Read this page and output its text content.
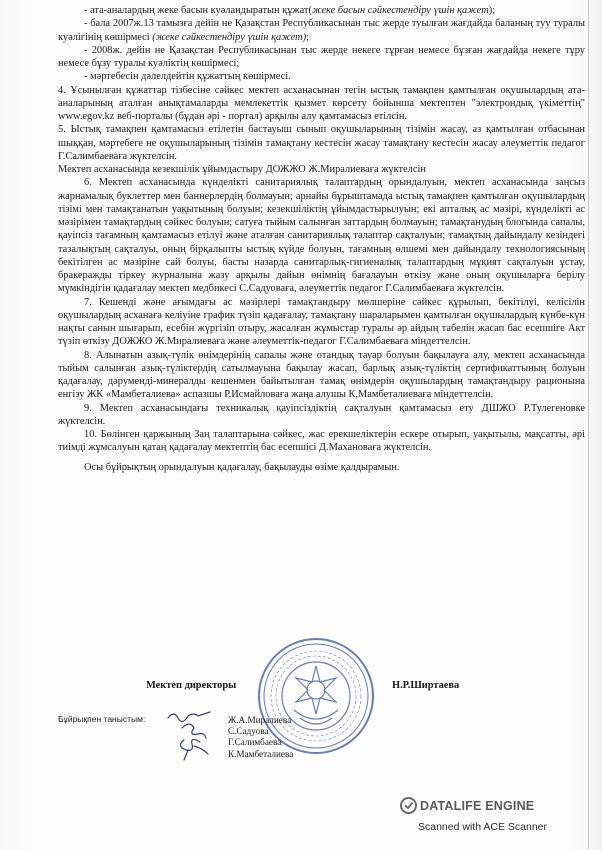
- ата-аналардың жеке басын куәландыратын құжат(жеке басын сәйкестендіру үшін қажет);

- бала 2007ж.13 тамызға дейін не Қазақстан Республикасынан тыс жерде туылған жағдайда баланың туу туралы куәлігінің көшірмесі (жеке сәйкестендіру үшін қажет);

- 2008ж. дейін не Қазақстан Республикасынан тыс жерде некеге тұрған немесе бұзған жағдайда некеге тұру немесе бұзу туралы куәліктің көшірмесі;

- мәртебесін дәлелдейтін құжаттың көшірмесі.

4. Ұсынылған құжаттар тізбесіне сәйкес мектеп асханасынан тегін ыстық тамақпен қамтылған оқушылардың ата-аналарының аталған анықтамаларды мемлекеттік қызмет көрсету бойынша мектептен "электрондық үкіметтің" www.egov.kz веб-порталы (бұдан әрі - портал) арқылы алу қамтамасыз етілсін.

5. Ыстық тамақпен қамтамасыз етілетін бастауыш сынып оқушыларының тізімін жасау, аз қамтылған отбасынан шыққан, мәртебеге не оқушыларының тізімін тамақтану кестесін жасау тамақтану кестесін жасау әлеуметтік педагог Г.Салимбаеваға жүктелсін.

Мектеп асханасында кезекшілік ұйымдастыру ДОЖЖО Ж.Миралиеваға жүктелсін

6. Мектеп асханасында күнделікті санитариялық талаптардың орындалуын, мектеп асханасында заңсыз жарнамалық буклеттер мен баннерлердің болмауын; арнайы бұрыштамада ыстық тамақпен қамтылған оқушылардың тізімі мен тамақтанатын уақытының болуын; кезекшіліктің ұйымдастырылуын; екі апталық ас мәзірі, күнделікті ас мәзірімен тамақтардың сәйкес болуын; сатуға тыйым салынған заттардың болмауын; тамақтанудың блогында сапалы, қауіпсіз тағамның қамтамасыз етілуі және аталған санитариялық талаптар сақталуын; тамақтың дайындалу кезіндегі тазалықтың сақталуы, оның бірқалыпты ыстық күйде болуын, тағамның өлшемі мен дайындалу технологиясының бекітілген ас мәзіріне сай болуы, басты назарда санитарлық-гигиеналық талаптардың мұқият сақталуын ұстау, бракеражды тіркеу журналына жазу арқылы дайын өнімнің бағалауын өткізу және оның оқушыларға берілу мүмкіндігін қадағалау мектеп медбикесі С.Садуоваға, әлеуметтік педагог Г.Салимбаеваға жүктелсін.

7. Кешенді және ағымдағы ас мәзірлері тамақтандыру мөлшеріне сәйкес құрылып, бекітілуі, келісілін оқушылардың асханаға келіуіне график түзіп қадағалау, тамақтану шараларымен қамтылған оқушылардың күнбе-күн нақты санын шығарып, есебін жүргізіп отыру, жасалған жұмыстар туралы әр айдың табелін жасап бас есепшіге Акт түзіп өткізу ДОЖЖО Ж.Миралиеваға және әлеуметтік-педагог Г.Салимбаеваға міндеттелсін.

8. Алынатын азық-түлік өнімдерінің сапалы және отандық тауар болуын бақылауға алу, мектеп асханасында тыйым салынған азық-түліктердің сатылмауына бақылау жасап, барлық азық-түліктің сертификаттының болуын қадағалау, дәрумендi-минералды кешенмен байытылған тамақ өнімдерін оқушылардың тамақтандыру рационына енгізу ЖК «Мамбеталиева» аспазшы Р.Исмайловаға жаңа алушы К,Мамбеталиеваға міндеттелсін.

9. Мектеп асханасындағы техникалық қауіпсіздіктің сақталуын қамтамасыз ету ДШЖО Р.Тулегеновке жүктелсін.

10. Бөлінген қаржының Заң талаптарына сәйкес, жас ерекшеліктерін ескере отырып, уақытылы, мақсатты, әрі тиімді жұмсалуын қатаң қадағалау мектептің бас есепшісі Д.Махановаға жүктелсін.

Осы бұйрықтың орындалуын қадағалау, бақылауды өзіме қалдырамын.

Мектеп директоры	Н.Р.Ширтаева
Бұйрықпен таныстым:	Ж.А.Миралиева
С.Садуова
Г.Салимбаева
К.Мамбеталиева
DATALIFE ENGINE
Scanned with ACE Scanner
